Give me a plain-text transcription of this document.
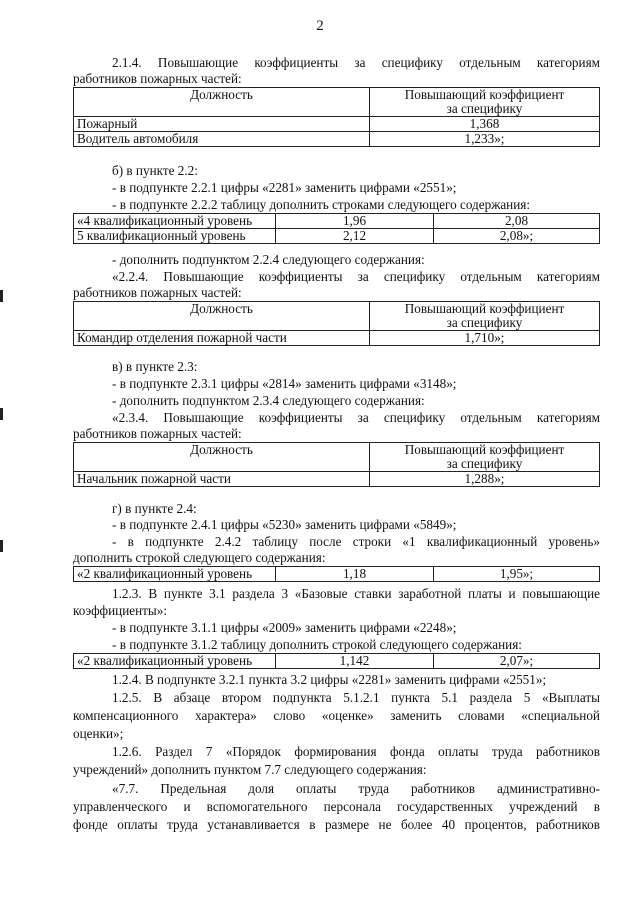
2
2.1.4. Повышающие коэффициенты за специфику отдельным категориям
работников пожарных частей:
Должность	Повышающий коэффициент
за специфику

Пожарный	1,368
Водитель автомобиля	1,233»;
б) в пункте 2.2:
- в подпункте 2.2.1 цифры «2281» заменить цифрами «2551»;
- в подпункте 2.2.2 таблицу дополнить строками следующего содержания:
«4 квалификационный уровень	1,96	2,08
5 квалификационный уровень	2,12	2,08»;
- дополнить подпунктом 2.2.4 следующего содержания:
«2.2.4. Повышающие коэффициенты за специфику отдельным категориям
работников пожарных частей:
Должность	Повышающий коэффициент
за специфику

Командир отделения пожарной части	1,710»;
в) в пункте 2.3:
- в подпункте 2.3.1 цифры «2814» заменить цифрами «3148»;
- дополнить подпунктом 2.3.4 следующего содержания:
«2.3.4. Повышающие коэффициенты за специфику отдельным категориям
работников пожарных частей:
Должность	Повышающий коэффициент
за специфику

Начальник пожарной части	1,288»;
г) в пункте 2.4:
- в подпункте 2.4.1 цифры «5230» заменить цифрами «5849»;
- в подпункте 2.4.2 таблицу после строки «1 квалификационный уровень»
дополнить строкой следующего содержания:
«2 квалификационный уровень	1,18	1,95»;
1.2.3. В пункте 3.1 раздела 3 «Базовые ставки заработной платы и повышающие
коэффициенты»:
- в подпункте 3.1.1 цифры «2009» заменить цифрами «2248»;
- в подпункте 3.1.2 таблицу дополнить строкой следующего содержания:
«2 квалификационный уровень	1,142	2,07»;
1.2.4. В подпункте 3.2.1 пункта 3.2 цифры «2281» заменить цифрами «2551»;
1.2.5. В абзаце втором подпункта 5.1.2.1 пункта 5.1 раздела 5 «Выплаты
компенсационного характера» слово «оценке» заменить словами «специальной
оценки»;
1.2.6. Раздел 7 «Порядок формирования фонда оплаты труда работников
учреждений» дополнить пунктом 7.7 следующего содержания:
«7.7. Предельная доля оплаты труда работников административно-
управленческого и вспомогательного персонала государственных учреждений в
фонде оплаты труда устанавливается в размере не более 40 процентов, работников
